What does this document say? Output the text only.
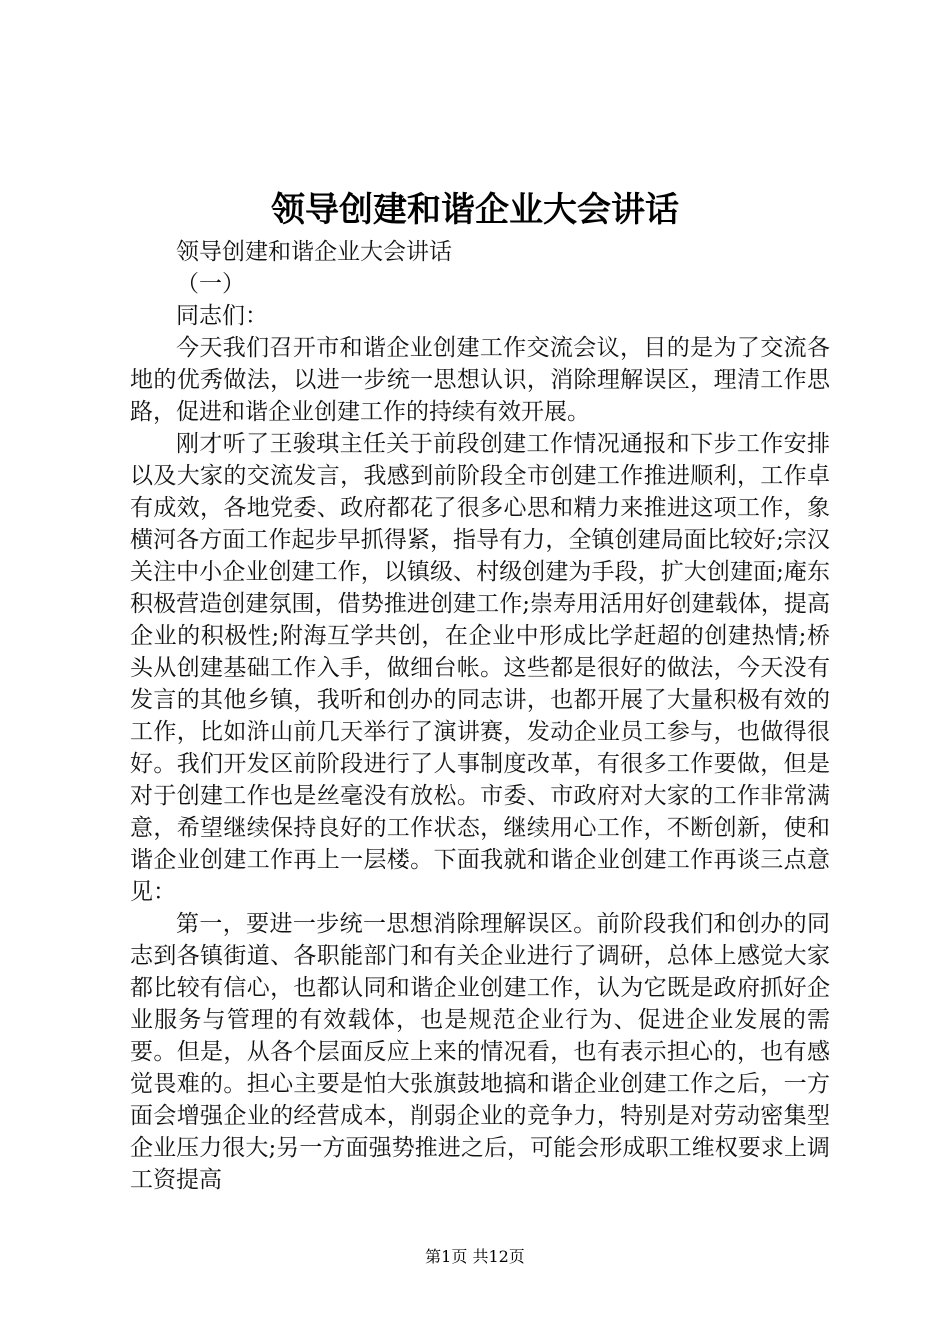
领导创建和谐企业大会讲话

领导创建和谐企业大会讲话

（一）

同志们：

今天我们召开市和谐企业创建工作交流会议，目的是为了交流各地的优秀做法，以进一步统一思想认识，消除理解误区，理清工作思路，促进和谐企业创建工作的持续有效开展。

刚才听了王骏琪主任关于前段创建工作情况通报和下步工作安排以及大家的交流发言，我感到前阶段全市创建工作推进顺利，工作卓有成效，各地党委、政府都花了很多心思和精力来推进这项工作，象横河各方面工作起步早抓得紧，指导有力，全镇创建局面比较好;宗汉关注中小企业创建工作，以镇级、村级创建为手段，扩大创建面;庵东积极营造创建氛围，借势推进创建工作;崇寿用活用好创建载体，提高企业的积极性;附海互学共创，在企业中形成比学赶超的创建热情;桥头从创建基础工作入手，做细台帐。这些都是很好的做法，今天没有发言的其他乡镇，我听和创办的同志讲，也都开展了大量积极有效的工作，比如浒山前几天举行了演讲赛，发动企业员工参与，也做得很好。我们开发区前阶段进行了人事制度改革，有很多工作要做，但是对于创建工作也是丝毫没有放松。市委、市政府对大家的工作非常满意，希望继续保持良好的工作状态，继续用心工作，不断创新，使和谐企业创建工作再上一层楼。下面我就和谐企业创建工作再谈三点意见：

第一，要进一步统一思想消除理解误区。前阶段我们和创办的同志到各镇街道、各职能部门和有关企业进行了调研，总体上感觉大家都比较有信心，也都认同和谐企业创建工作，认为它既是政府抓好企业服务与管理的有效载体，也是规范企业行为、促进企业发展的需要。但是，从各个层面反应上来的情况看，也有表示担心的，也有感觉畏难的。担心主要是怕大张旗鼓地搞和谐企业创建工作之后，一方面会增强企业的经营成本，削弱企业的竞争力，特别是对劳动密集型企业压力很大;另一方面强势推进之后，可能会形成职工维权要求上调工资提高

第1页 共12页
